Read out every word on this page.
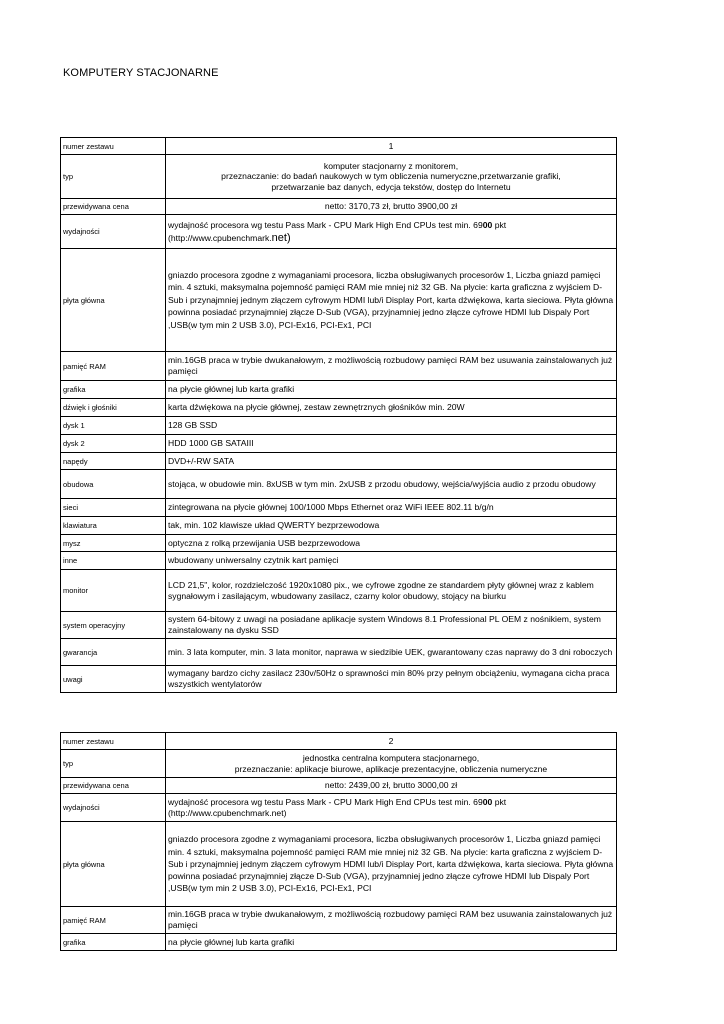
KOMPUTERY STACJONARNE
numer zestawu	1
typ	komputer stacjonarny z monitorem,
przeznaczanie: do badań naukowych w tym obliczenia numeryczne,przetwarzanie grafiki,
przetwarzanie baz danych, edycja tekstów, dostęp do Internetu

przewidywana cena	netto: 3170,73 zł, brutto 3900,00 zł
wydajności	wydajność procesora wg testu Pass Mark - CPU Mark High End CPUs test min. 6900 pkt
(http://www.cpubenchmark.net)

płyta główna	gniazdo procesora zgodne z wymaganiami procesora, liczba obsługiwanych procesorów 1, Liczba gniazd pamięci min. 4 sztuki, maksymalna pojemność pamięci RAM mie mniej niż 32 GB. Na płycie: karta graficzna z wyjściem D-Sub i przynajmniej jednym złączem cyfrowym HDMI lub/i Display Port, karta dźwiękowa, karta sieciowa. Płyta główna powinna posiadać przynajmniej złącze D-Sub (VGA), przyjnamniej jedno złącze cyfrowe HDMI lub Dispaly Port ,USB(w tym min 2 USB 3.0), PCI-Ex16, PCI-Ex1, PCI
pamięć RAM	min.16GB praca w trybie dwukanałowym, z możliwością rozbudowy pamięci RAM bez usuwania zainstalowanych już pamięci
grafika	na płycie głównej lub karta grafiki
dźwięk i głośniki	karta dźwiękowa na płycie głównej, zestaw zewnętrznych głośników min. 20W
dysk 1	128 GB SSD
dysk 2	HDD 1000 GB SATAIII
napędy	DVD+/-RW SATA
obudowa	stojąca, w obudowie min. 8xUSB w tym min. 2xUSB z przodu obudowy, wejścia/wyjścia audio z przodu obudowy
sieci	zintegrowana na płycie głównej 100/1000 Mbps Ethernet oraz WiFi IEEE 802.11 b/g/n
klawiatura	tak, min. 102 klawisze układ QWERTY bezprzewodowa
mysz	optyczna z rolką przewijania USB bezprzewodowa
inne	wbudowany uniwersalny czytnik kart pamięci
monitor	LCD 21,5", kolor, rozdzielczość 1920x1080 pix., we cyfrowe zgodne ze standardem płyty głównej wraz z kablem sygnałowym i zasilającym, wbudowany zasilacz, czarny kolor obudowy, stojący na biurku
system operacyjny	system 64-bitowy z uwagi na posiadane aplikacje system Windows 8.1 Professional PL OEM z nośnikiem, system zainstalowany na dysku SSD
gwarancja	min. 3 lata komputer, min. 3 lata monitor, naprawa w siedzibie UEK, gwarantowany czas naprawy do 3 dni roboczych
uwagi	wymagany bardzo cichy zasilacz 230v/50Hz o sprawności min 80% przy pełnym obciążeniu, wymagana cicha praca wszystkich wentylatorów
numer zestawu	2
typ	jednostka centralna komputera stacjonarnego,
przeznaczanie: aplikacje biurowe, aplikacje prezentacyjne, obliczenia numeryczne

przewidywana cena	netto: 2439,00 zł, brutto 3000,00 zł
wydajności	wydajność procesora wg testu Pass Mark - CPU Mark High End CPUs test min. 6900 pkt
(http://www.cpubenchmark.net)

płyta główna	gniazdo procesora zgodne z wymaganiami procesora, liczba obsługiwanych procesorów 1, Liczba gniazd pamięci min. 4 sztuki, maksymalna pojemność pamięci RAM mie mniej niż 32 GB. Na płycie: karta graficzna z wyjściem D-Sub i przynajmniej jednym złączem cyfrowym HDMI lub/i Display Port, karta dźwiękowa, karta sieciowa. Płyta główna powinna posiadać przynajmniej złącze D-Sub (VGA), przyjnamniej jedno złącze cyfrowe HDMI lub Dispaly Port ,USB(w tym min 2 USB 3.0), PCI-Ex16, PCI-Ex1, PCI
pamięć RAM	min.16GB praca w trybie dwukanałowym, z możliwością rozbudowy pamięci RAM bez usuwania zainstalowanych już pamięci
grafika	na płycie głównej lub karta grafiki
